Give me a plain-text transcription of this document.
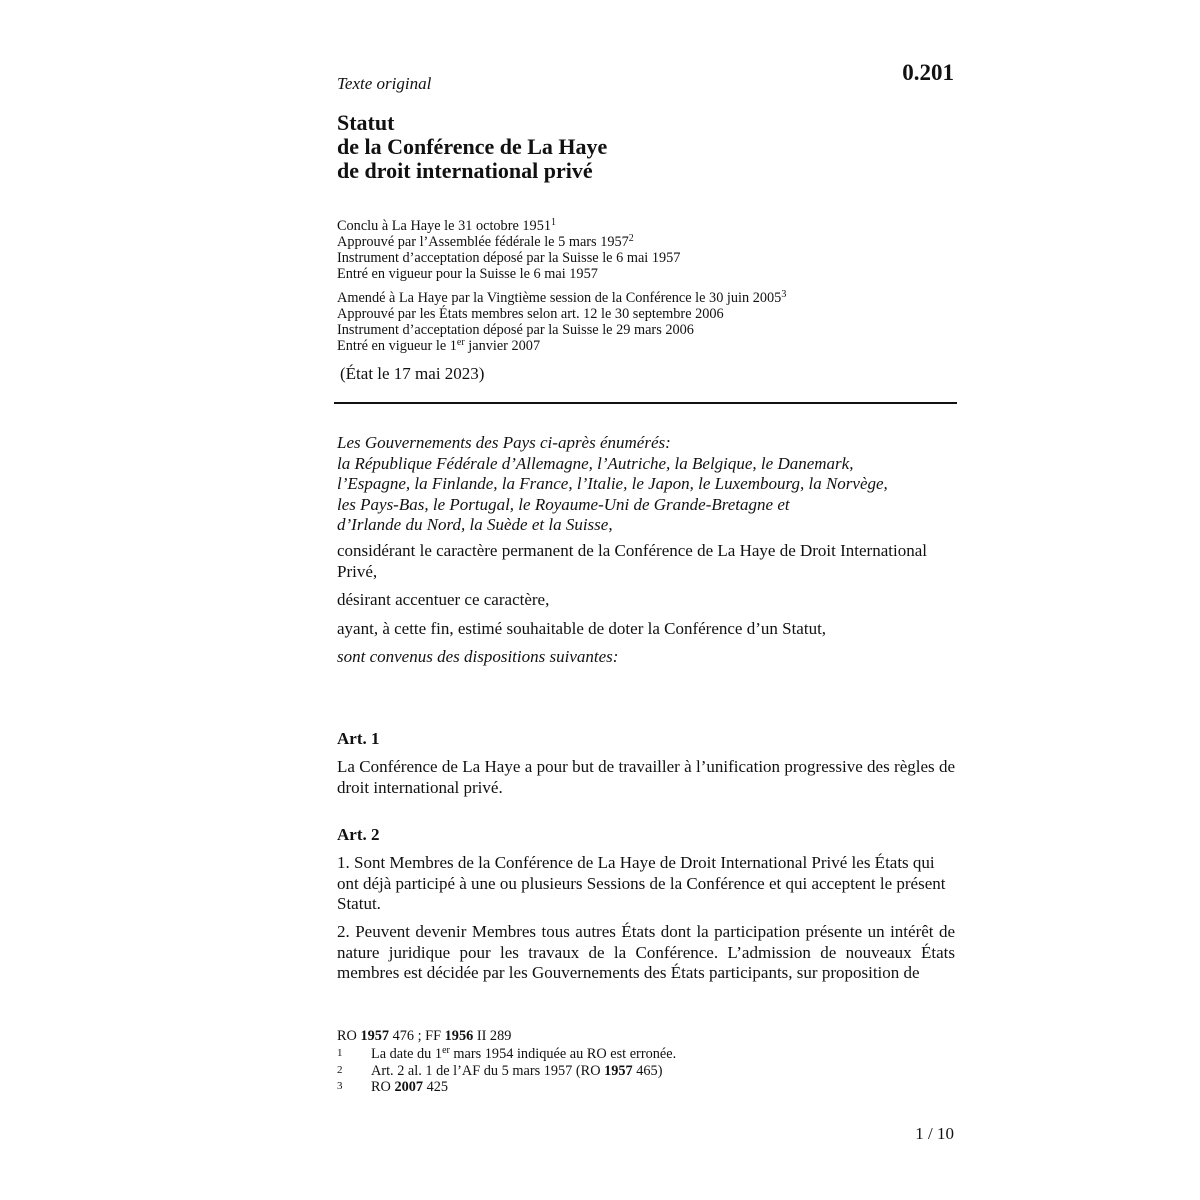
Texte original	0.201
Statut
de la Conférence de La Haye
de droit international privé
Conclu à La Haye le 31 octobre 1951$^1$
Approuvé par l’Assemblée fédérale le 5 mars 1957$^2$
Instrument d’acceptation déposé par la Suisse le 6 mai 1957
Entré en vigueur pour la Suisse le 6 mai 1957
Amendé à La Haye par la Vingtième session de la Conférence le 30 juin 2005$^3$
Approuvé par les États membres selon art. 12 le 30 septembre 2006
Instrument d’acceptation déposé par la Suisse le 29 mars 2006
Entré en vigueur le 1er janvier 2007
(État le 17 mai 2023)
Les Gouvernements des Pays ci-après énumérés:
la République Fédérale d’Allemagne, l’Autriche, la Belgique, le Danemark,
l’Espagne, la Finlande, la France, l’Italie, le Japon, le Luxembourg, la Norvège,
les Pays-Bas, le Portugal, le Royaume-Uni de Grande-Bretagne et
d’Irlande du Nord, la Suède et la Suisse,
considérant le caractère permanent de la Conférence de La Haye de Droit International Privé,
désirant accentuer ce caractère,
ayant, à cette fin, estimé souhaitable de doter la Conférence d’un Statut,
sont convenus des dispositions suivantes:
Art. 1
La Conférence de La Haye a pour but de travailler à l’unification progressive des règles de droit international privé.
Art. 2
1. Sont Membres de la Conférence de La Haye de Droit International Privé les États qui ont déjà participé à une ou plusieurs Sessions de la Conférence et qui acceptent le présent Statut.
2. Peuvent devenir Membres tous autres États dont la participation présente un intérêt de nature juridique pour les travaux de la Conférence. L’admission de nouveaux États membres est décidée par les Gouvernements des États participants, sur proposition de
RO 1957 476 ; FF 1956 II 289
1 La date du 1er mars 1954 indiquée au RO est erronée.
2 Art. 2 al. 1 de l’AF du 5 mars 1957 (RO 1957 465)
3 RO 2007 425
1 / 10
